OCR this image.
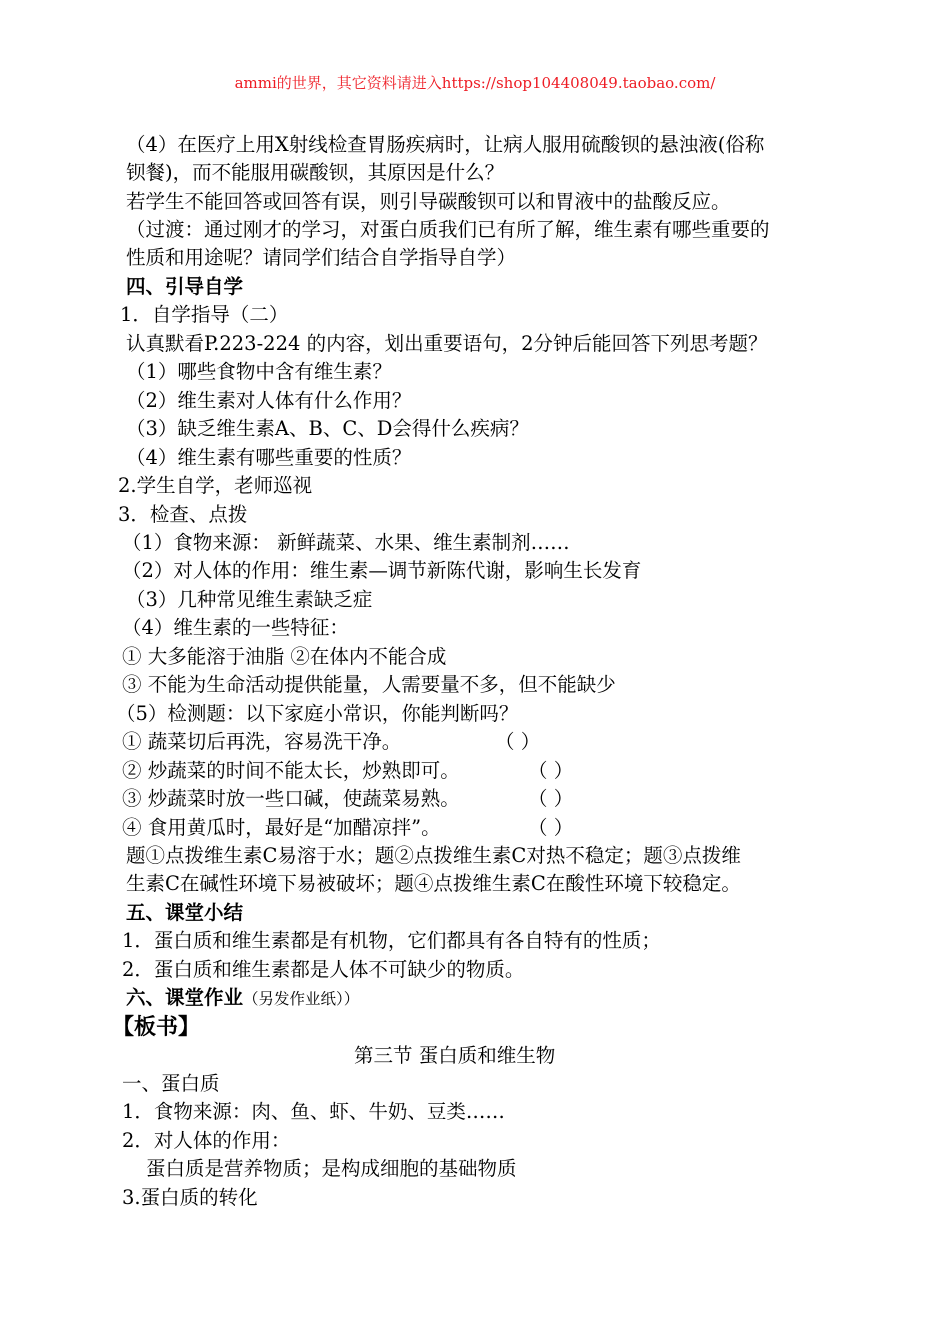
ammi的世界，其它资料请进入https://shop104408049.taobao.com/
（4）在医疗上用X射线检查胃肠疾病时，让病人服用硫酸钡的悬浊液(俗称
钡餐)，而不能服用碳酸钡，其原因是什么？
若学生不能回答或回答有误，则引导碳酸钡可以和胃液中的盐酸反应。
（过渡：通过刚才的学习，对蛋白质我们已有所了解，维生素有哪些重要的
性质和用途呢？请同学们结合自学指导自学）
四、引导自学
1．自学指导（二）
认真默看P.223-224 的内容，划出重要语句，2分钟后能回答下列思考题？
（1）哪些食物中含有维生素？
（2）维生素对人体有什么作用？
（3）缺乏维生素A、B、C、D会得什么疾病？
（4）维生素有哪些重要的性质？
2.学生自学，老师巡视
3．检查、点拨
（1）食物来源： 新鲜蔬菜、水果、维生素制剂……
（2）对人体的作用：维生素—调节新陈代谢，影响生长发育
（3）几种常见维生素缺乏症
（4）维生素的一些特征：
① 大多能溶于油脂 ②在体内不能合成
③ 不能为生命活动提供能量，人需要量不多，但不能缺少
（5）检测题：以下家庭小常识，你能判断吗？
① 蔬菜切后再洗，容易洗干净。	（ ）
② 炒蔬菜的时间不能太长，炒熟即可。	（ ）
③ 炒蔬菜时放一些口碱，使蔬菜易熟。	（ ）
④ 食用黄瓜时，最好是“加醋凉拌”。	（ ）
题①点拨维生素C易溶于水；题②点拨维生素C对热不稳定；题③点拨维
生素C在碱性环境下易被破坏；题④点拨维生素C在酸性环境下较稳定。
五、课堂小结
1．蛋白质和维生素都是有机物，它们都具有各自特有的性质；
2．蛋白质和维生素都是人体不可缺少的物质。
六、课堂作业（另发作业纸））
【板书】
第三节 蛋白质和维生物
一、蛋白质
1．食物来源：肉、鱼、虾、牛奶、豆类……
2．对人体的作用：
蛋白质是营养物质；是构成细胞的基础物质
3.蛋白质的转化
